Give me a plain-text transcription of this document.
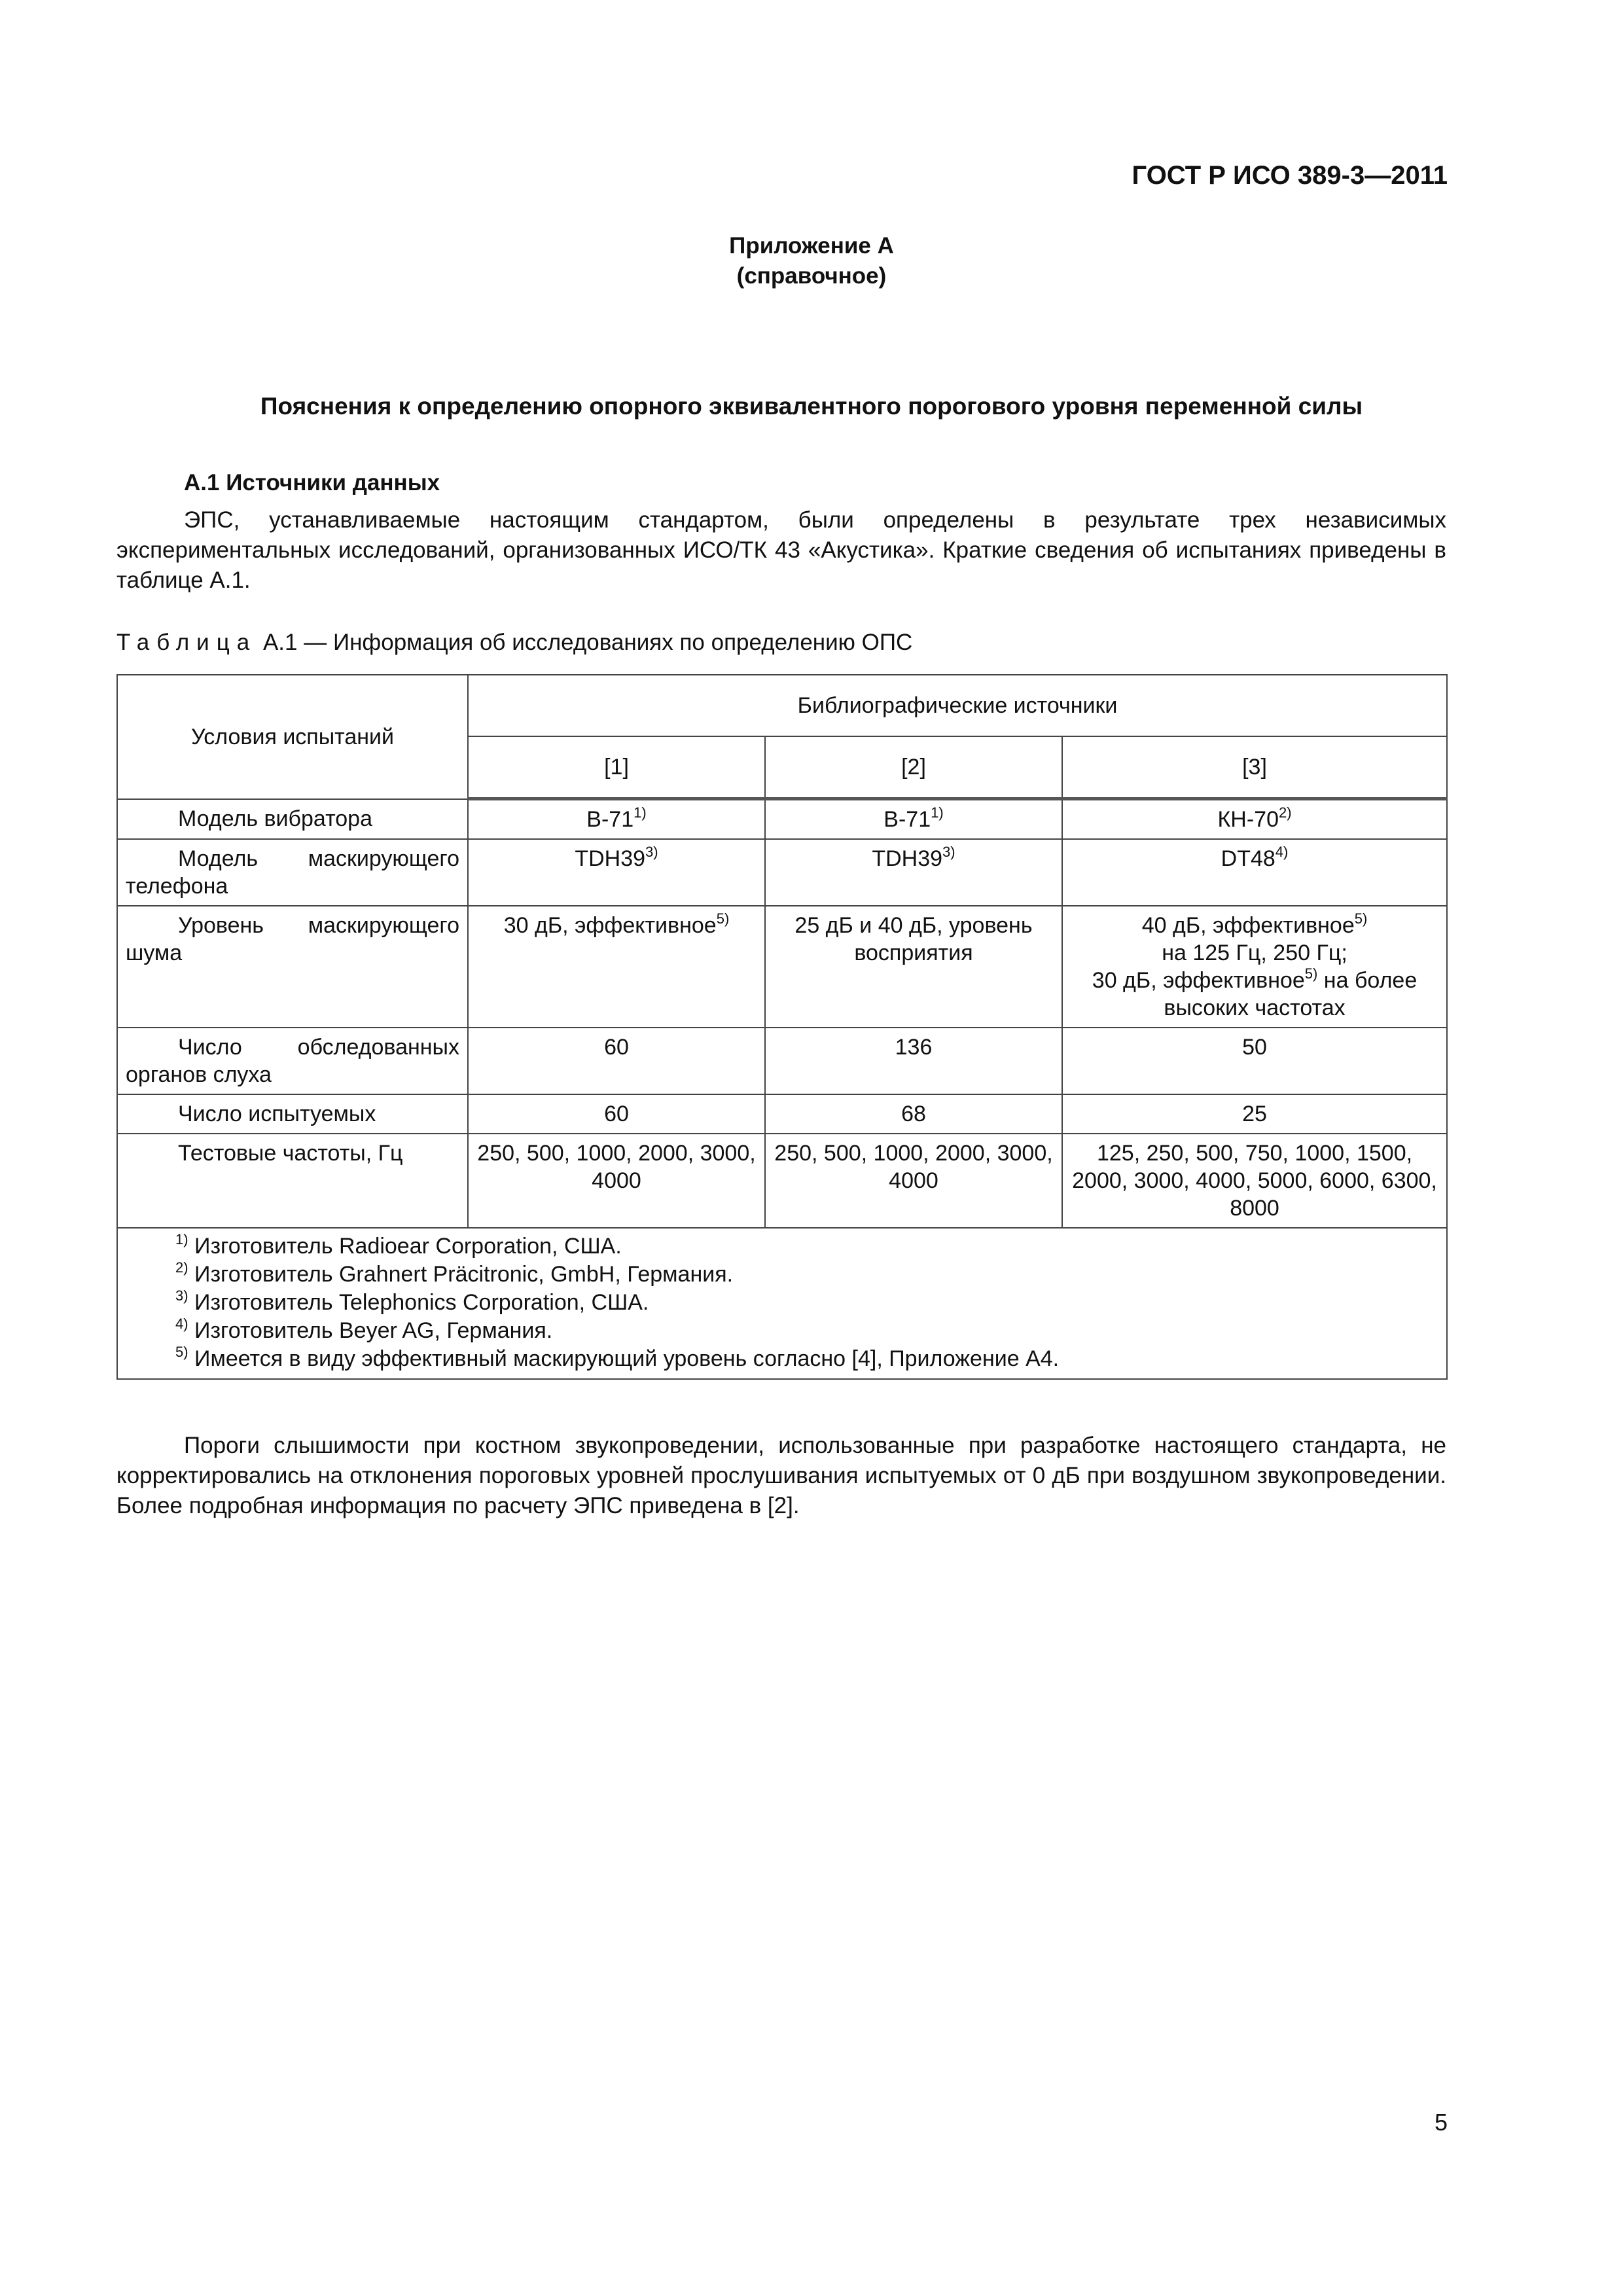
ГОСТ Р ИСО 389-3—2011
Приложение А
(справочное)
Пояснения к определению опорного эквивалентного порогового уровня переменной силы
А.1 Источники данных

ЭПС, устанавливаемые настоящим стандартом, были определены в результате трех независимых экспериментальных исследований, организованных ИСО/ТК 43 «Акустика». Краткие сведения об испытаниях приведены в таблице А.1.

Таблица А.1 — Информация об исследованиях по определению ОПС
Условия испытаний	Библиографические источники		
	[1]	[2]	[3]
Модель вибратора	В-71$^{1)}$	В-71$^{1)}$	КН-70$^{2)}$
Модель маскирующего телефона	TDH39$^{3)}$	TDH39$^{3)}$	DT48$^{4)}$
Уровень маскирующего шума	30 дБ, эффективное$^{5)}$	25 дБ и 40 дБ, уровень восприятия	40 дБ, эффективное$^{5)}$
на 125 Гц, 250 Гц;
30 дБ, эффективное$^{5)}$ на более высоких частотах
Число обследованных органов слуха	60	136	50
Число испытуемых	60	68	25
Тестовые частоты, Гц	250, 500, 1000, 2000, 3000, 4000	250, 500, 1000, 2000, 3000, 4000	125, 250, 500, 750, 1000, 1500, 2000, 3000, 4000, 5000, 6000, 6300, 8000

$^{1)}$ Изготовитель Radioear Corporation, США.
$^{2)}$ Изготовитель Grahnert Präcitronic, GmbH, Германия.
$^{3)}$ Изготовитель Telephonics Corporation, США.
$^{4)}$ Изготовитель Beyer AG, Германия.
$^{5)}$ Имеется в виду эффективный маскирующий уровень согласно [4], Приложение А4.			

Пороги слышимости при костном звукопроведении, использованные при разработке настоящего стандарта, не корректировались на отклонения пороговых уровней прослушивания испытуемых от 0 дБ при воздушном звукопроведении. Более подробная информация по расчету ЭПС приведена в [2].

5
